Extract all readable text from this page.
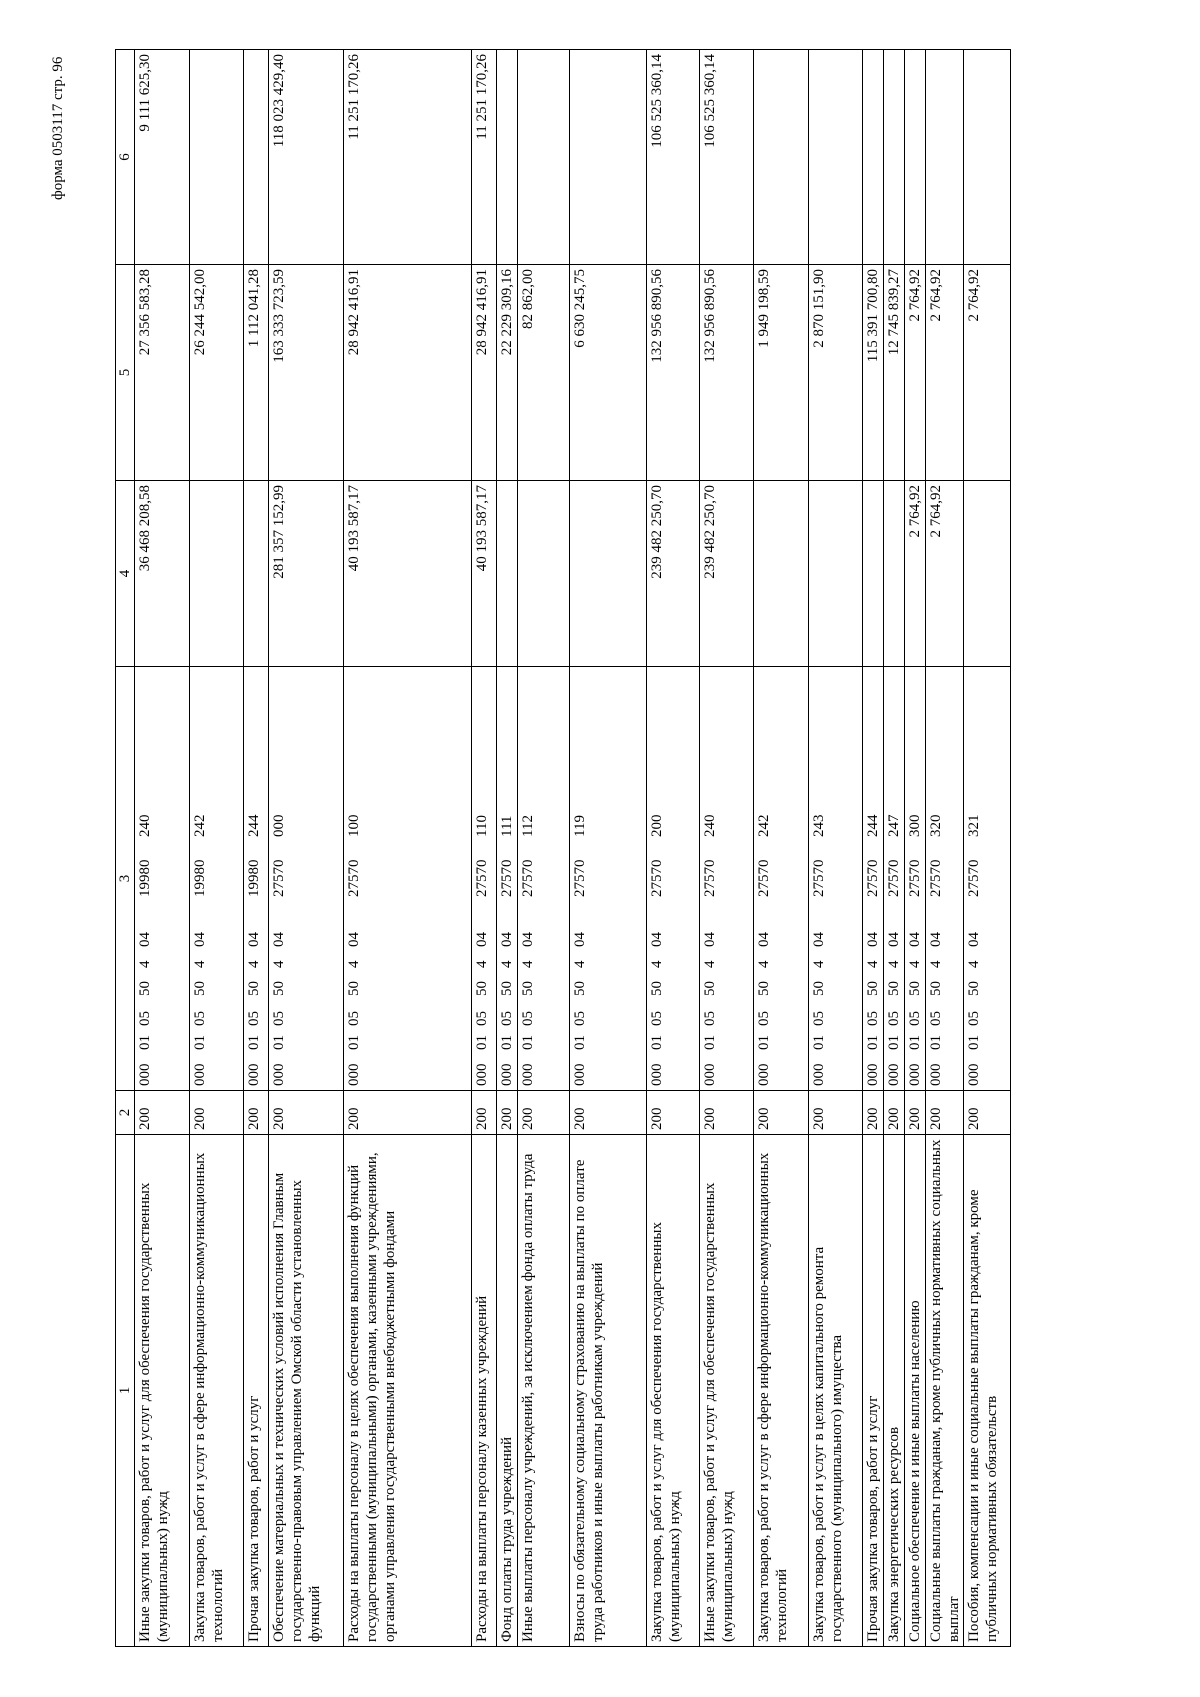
форма 0503117 стр. 96
1	2	3	4	5	6
Иные закупки товаров, работ и услуг для обеспечения государственных (муниципальных) нужд	200	00001055040419980240	36 468 208,58	27 356 583,28	9 111 625,30
Закупка товаров, работ и услуг в сфере информационно-коммуникационных технологий	200	00001055040419980242		26 244 542,00	
Прочая закупка товаров, работ и услуг	200	00001055040419980244		1 112 041,28	
Обеспечение материальных и технических условий исполнения Главным государственно-правовым управлением Омской области установленных функций	200	00001055040427570000	281 357 152,99	163 333 723,59	118 023 429,40
Расходы на выплаты персоналу в целях обеспечения выполнения функций государственными (муниципальными) органами, казенными учреждениями, органами управления государственными внебюджетными фондами	200	00001055040427570100	40 193 587,17	28 942 416,91	11 251 170,26
Расходы на выплаты персоналу казенных учреждений	200	00001055040427570110	40 193 587,17	28 942 416,91	11 251 170,26
Фонд оплаты труда учреждений	200	00001055040427570111		22 229 309,16	
Иные выплаты персоналу учреждений, за исключением фонда оплаты труда	200	00001055040427570112		82 862,00	
Взносы по обязательному социальному страхованию на выплаты по оплате труда работников и иные выплаты работникам учреждений	200	00001055040427570119		6 630 245,75	
Закупка товаров, работ и услуг для обеспечения государственных (муниципальных) нужд	200	00001055040427570200	239 482 250,70	132 956 890,56	106 525 360,14
Иные закупки товаров, работ и услуг для обеспечения государственных (муниципальных) нужд	200	00001055040427570240	239 482 250,70	132 956 890,56	106 525 360,14
Закупка товаров, работ и услуг в сфере информационно-коммуникационных технологий	200	00001055040427570242		1 949 198,59	
Закупка товаров, работ и услуг в целях капитального ремонта государственного (муниципального) имущества	200	00001055040427570243		2 870 151,90	
Прочая закупка товаров, работ и услуг	200	00001055040427570244		115 391 700,80	
Закупка энергетических ресурсов	200	00001055040427570247		12 745 839,27	
Социальное обеспечение и иные выплаты населению	200	00001055040427570300	2 764,92	2 764,92	
Социальные выплаты гражданам, кроме публичных нормативных социальных выплат	200	00001055040427570320	2 764,92	2 764,92	
Пособия, компенсации и иные социальные выплаты гражданам, кроме публичных нормативных обязательств	200	00001055040427570321		2 764,92	
